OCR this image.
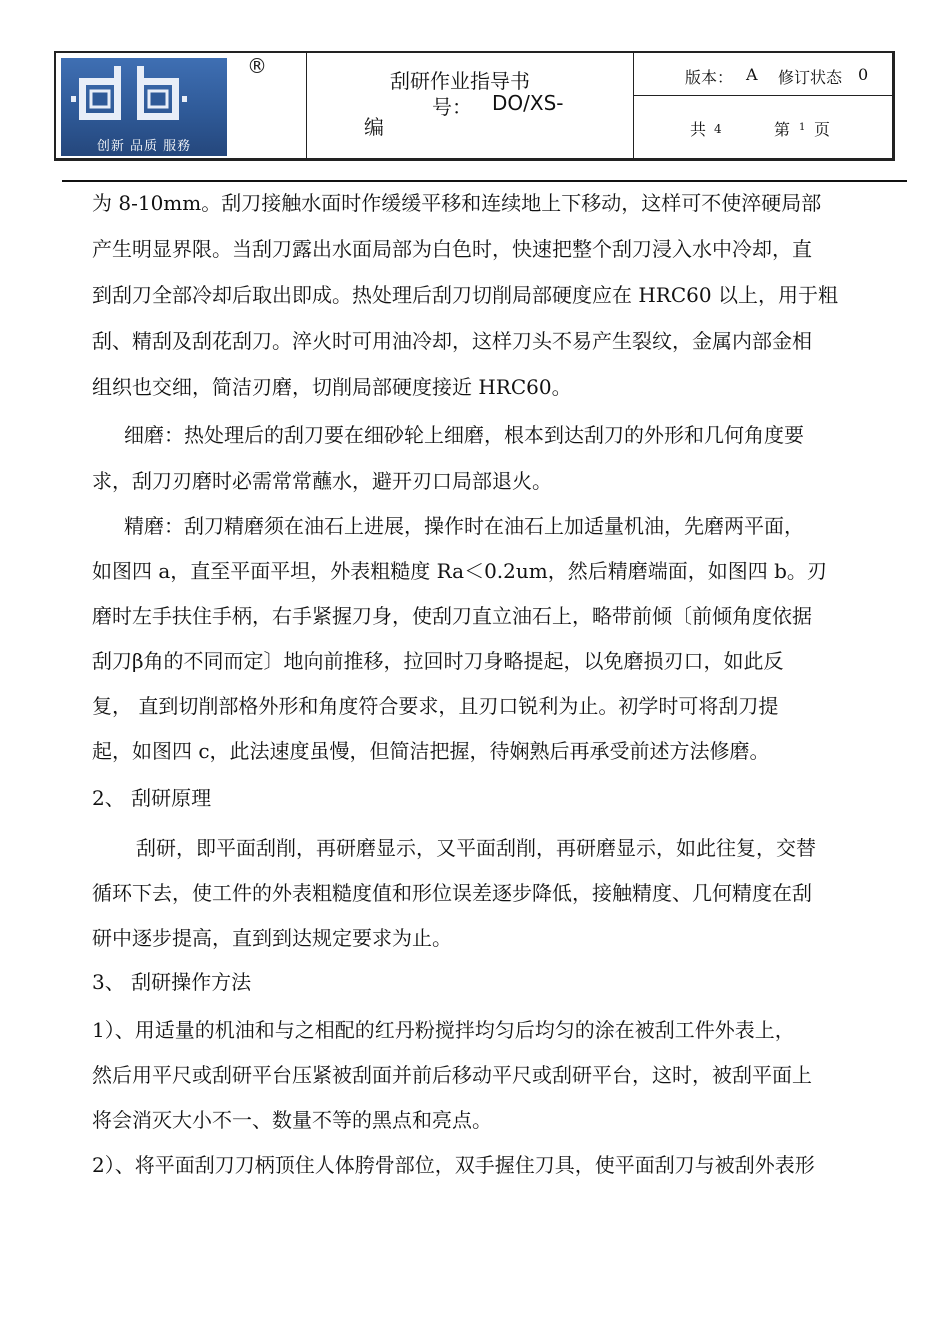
创新 品质 服務
®
刮研作业指导书
号： DO/XS-
编
版本： A 修订状态 0
共 4	第 1 页
为 8-10mm。刮刀接触水面时作缓缓平移和连续地上下移动，这样可不使淬硬局部
产生明显界限。当刮刀露出水面局部为白色时，快速把整个刮刀浸入水中冷却，直
到刮刀全部冷却后取出即成。热处理后刮刀切削局部硬度应在 HRC60 以上，用于粗
刮、精刮及刮花刮刀。淬火时可用油冷却，这样刀头不易产生裂纹，金属内部金相
组织也交细，简洁刃磨，切削局部硬度接近 HRC60。
细磨：热处理后的刮刀要在细砂轮上细磨，根本到达刮刀的外形和几何角度要
求，刮刀刃磨时必需常常蘸水，避开刃口局部退火。
精磨：刮刀精磨须在油石上进展，操作时在油石上加适量机油，先磨两平面，
如图四 a，直至平面平坦，外表粗糙度 Ra＜0.2um，然后精磨端面，如图四 b。刃
磨时左手扶住手柄，右手紧握刀身，使刮刀直立油石上，略带前倾〔前倾角度依据
刮刀β角的不同而定〕地向前推移，拉回时刀身略提起，以免磨损刃口，如此反
复， 直到切削部格外形和角度符合要求，且刃口锐利为止。初学时可将刮刀提
起，如图四 c，此法速度虽慢，但简洁把握，待娴熟后再承受前述方法修磨。
2、 刮研原理
刮研，即平面刮削，再研磨显示，又平面刮削，再研磨显示，如此往复，交替
循环下去，使工件的外表粗糙度值和形位误差逐步降低，接触精度、几何精度在刮
研中逐步提高，直到到达规定要求为止。
3、 刮研操作方法
1）、用适量的机油和与之相配的红丹粉搅拌均匀后均匀的涂在被刮工件外表上，
然后用平尺或刮研平台压紧被刮面并前后移动平尺或刮研平台，这时，被刮平面上
将会消灭大小不一、数量不等的黑点和亮点。
2）、将平面刮刀刀柄顶住人体胯骨部位，双手握住刀具，使平面刮刀与被刮外表形
